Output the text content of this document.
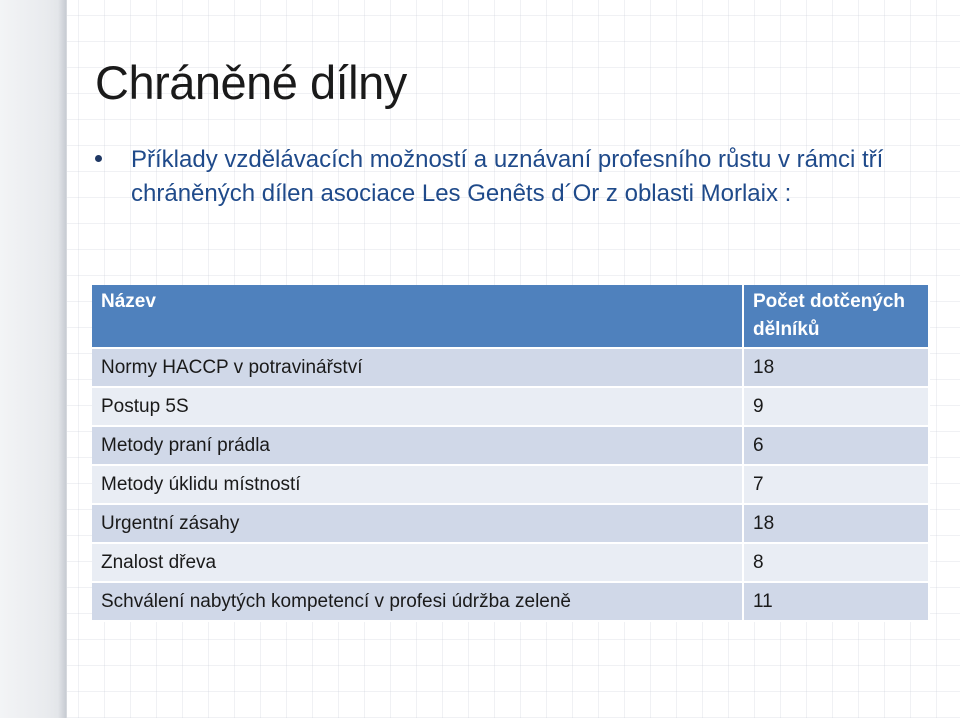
Chráněné dílny
Příklady vzdělávacích možností a uznávaní profesního růstu v rámci tří chráněných dílen asociace Les Genêts d´Or z oblasti Morlaix :
Název	Počet dotčených dělníků
Normy HACCP v potravinářství	18
Postup 5S	9
Metody praní prádla	6
Metody úklidu místností	7
Urgentní zásahy	18
Znalost dřeva	8
Schválení nabytých kompetencí v profesi údržba zeleně	11
